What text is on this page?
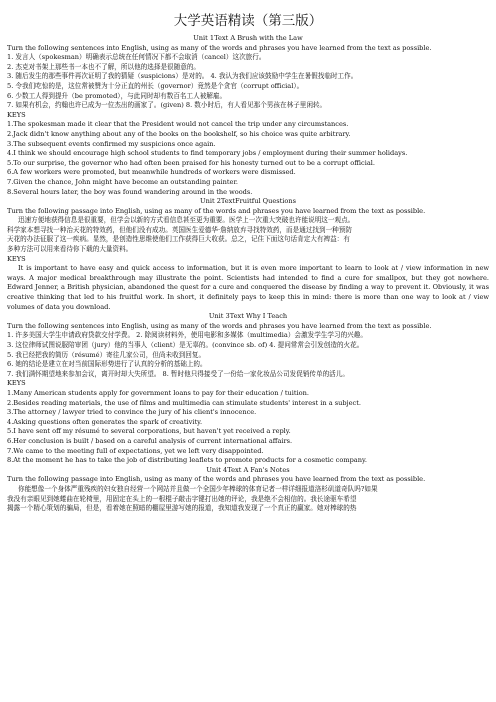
大学英语精读（第三版）
Unit 1Text A Brush with the Law
Turn the following sentences into English, using as many of the words and phrases you have learned from the text as possible.
1. 发言人（spokesman）明确表示总统在任何情况下都不会取消（cancel）这次旅行。
2. 杰克对书架上那些书一本也不了解，所以他的选择是很随意的。
3. 随后发生的那些事件再次证明了我的猜疑（suspicions）是对的。 4. 我认为我们应该鼓励中学生在暑假找临时工作。
5. 令我们吃惊的是，这位常被赞为十分正直的州长（governor）竟然是个贪官（corrupt official）。
6. 少数工人得到提升（be promoted），与此同时却有数百名工人被解雇。
7. 如果有机会，约翰也许已成为一位杰出的画家了。(given) 8. 数小时后，有人看见那个男孩在林子里闲转。
KEYS
1.The spokesman made it clear that the President would not cancel the trip under any circumstances.
2.Jack didn't know anything about any of the books on the bookshelf, so his choice was quite arbitrary.
3.The subsequent events confirmed my suspicions once again.
4.I think we should encourage high school students to find temporary jobs / employment during their summer holidays.
5.To our surprise, the governor who had often been praised for his honesty turned out to be a corrupt official.
6.A few workers were promoted, but meanwhile hundreds of workers were dismissed.
7.Given the chance, John might have become an outstanding painter.
8.Several hours later, the boy was found wandering around in the woods.
Unit 2TextFruitful Questions
Turn the following passage into English, using as many of the words and phrases you have learned from the text as possible.
迅速方便地获得信息是很重要，但学会以新的方式看信息甚至更为重要。医学上一次重大突破也许能说明这一观点。
科学家本想寻找一种治天花的特效药，但他们没有成功。英国医生爱德华·詹纳放弃寻找特效药，而是通过找到一种预防
天花的办法征服了这一疾病。显然，是创造性思维使他们工作获得巨大收获。总之，记住下面这句话肯定大有裨益：有
多种方法可以用来看待你下载的大量资料。
KEYS
It is important to have easy and quick access to information, but it is even more important to learn to look at / view information in new ways. A major medical breakthrough may illustrate the point. Scientists had intended to find a cure for smallpox, but they got nowhere. Edward Jenner, a British physician, abandoned the quest for a cure and conquered the disease by finding a way to prevent it. Obviously, it was creative thinking that led to his fruitful work. In short, it definitely pays to keep this in mind: there is more than one way to look at / view volumes of data you download.
Unit 3Text Why I Teach
Turn the following sentences into English, using as many of the words and phrases you have learned from the text as possible.
1. 许多美国大学生申请政府贷款交付学费。 2. 除阅读材料外，使用电影和多媒体（multimedia）会激发学生学习的兴趣。
3. 这位律师试图说服陪审团（jury）他的当事人（client）是无辜的。(convince sb. of) 4. 提问常常会引发创造的火花。
5. 我已经把我的简历（résumé）寄往几家公司，但尚未收到回复。
6. 她的结论是建立在对当前国际形势进行了认真的分析的基础上的。
7. 我们满怀期望地来参加会议，离开时却大失所望。 8. 暂时他只得接受了一份给一家化妆品公司发促销传单的活儿。
KEYS
1.Many American students apply for government loans to pay for their education / tuition.
2.Besides reading materials, the use of films and multimedia can stimulate students' interest in a subject.
3.The attorney / lawyer tried to convince the jury of his client's innocence.
4.Asking questions often generates the spark of creativity.
5.I have sent off my résumé to several corporations, but haven't yet received a reply.
6.Her conclusion is built / based on a careful analysis of current international affairs.
7.We came to the meeting full of expectations, yet we left very disappointed.
8.At the moment he has to take the job of distributing leaflets to promote products for a cosmetic company.
Unit 4Text A Fan's Notes
Turn the following passage into English, using as many of the words and phrases you have learned from the text as possible.
你能想像一个身体严重残疾的妇女独自经营一个网站并且做一个全国少年棒球的体育记者一样详细报道洛杉矶道奇队吗?如果
我没有亲眼见到她蜷曲在轮椅里，用固定在头上的一根棍子敲击字键打出她的评论，我是绝不会相信的。我长途驱车希望
揭露一个精心策划的骗局，但是，看着她在照暗的棚屋里游写她的报道，我知道我发现了一个真正的赢家。她对棒球的热
